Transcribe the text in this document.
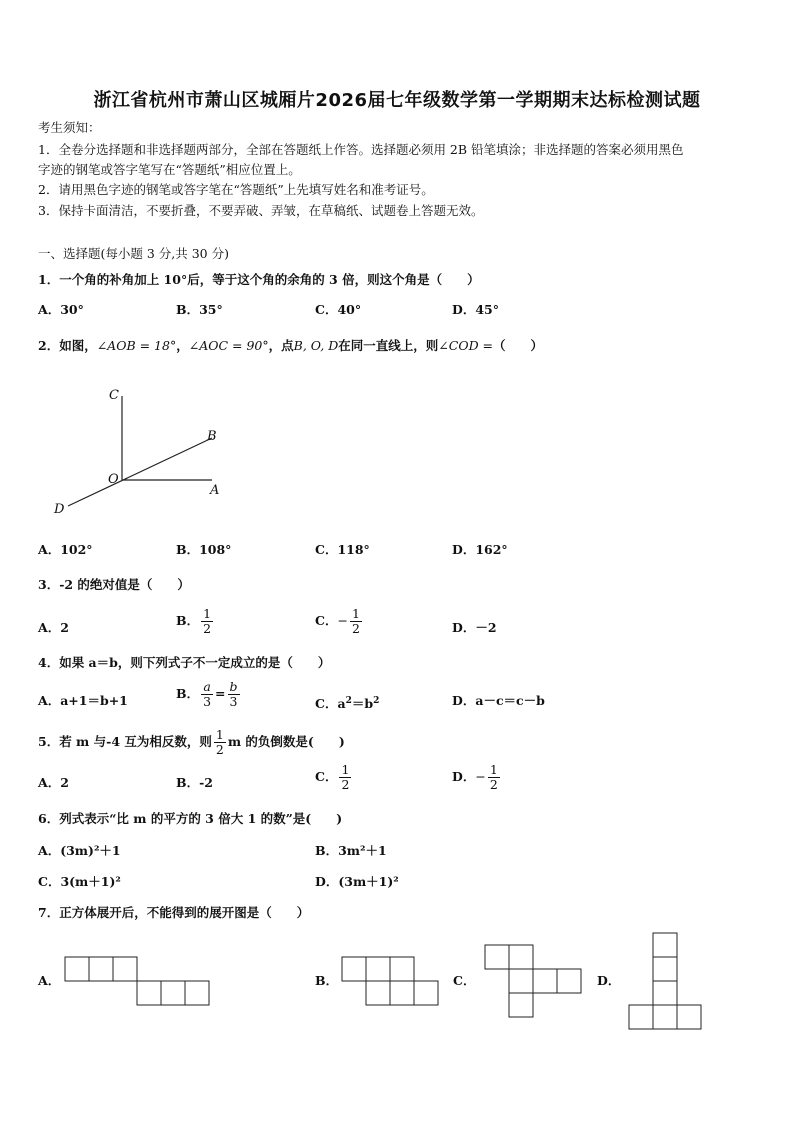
浙江省杭州市萧山区城厢片2026届七年级数学第一学期期末达标检测试题
考生须知：
1．全卷分选择题和非选择题两部分，全部在答题纸上作答。选择题必须用 2B 铅笔填涂；非选择题的答案必须用黑色
字迹的钢笔或答字笔写在“答题纸”相应位置上。
2．请用黑色字迹的钢笔或答字笔在“答题纸”上先填写姓名和准考证号。
3．保持卡面清洁，不要折叠，不要弄破、弄皱，在草稿纸、试题卷上答题无效。
一、选择题(每小题 3 分,共 30 分)
1．一个角的补角加上 10°后，等于这个角的余角的 3 倍，则这个角是（　　）
A．30°	B．35°	C．40°	D．45°
2．如图，∠AOB = 18°，∠AOC = 90°，点B, O, D在同一直线上，则∠COD =（　　）
C
B
O
A
D
A．102°	B．108°	C．118°	D．162°
3．-2 的绝对值是（　　）
A．2	B． $\frac{1}{2}$	C．− $\frac{1}{2}$	D．－2
4．如果 a＝b，则下列式子不一定成立的是（　　）
A．a+1＝b+1	B． $\frac{a}{3} = \frac{b}{3}$	C．$a^2=b^2$	D．a－c＝c－b
5．若 m 与-4 互为相反数，则 $\frac{1}{2}$ m 的负倒数是(　　)
A．2	B．-2	C． $\frac{1}{2}$	D．− $\frac{1}{2}$
6．列式表示“比 m 的平方的 3 倍大 1 的数”是(　　)
A．(3m)²＋1	B．3m²＋1
C．3(m＋1)²	D．(3m＋1)²
7．正方体展开后，不能得到的展开图是（　　）
A．	B．	C．	D．
